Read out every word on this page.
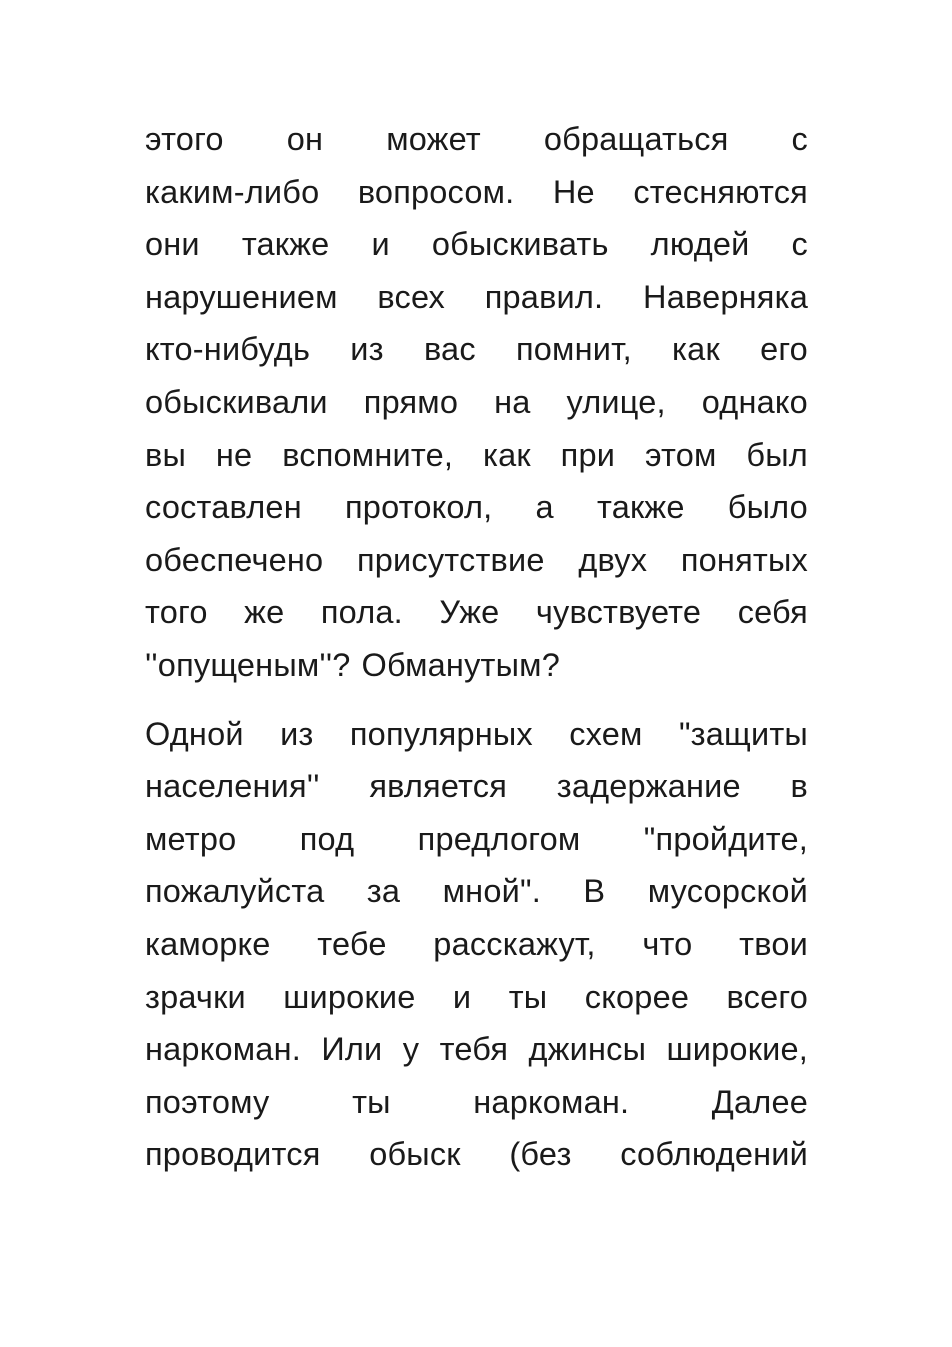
этого он может обращаться с
каким-либо вопросом. Не стесняются
они также и обыскивать людей с
нарушением всех правил. Наверняка
кто-нибудь из вас помнит, как его
обыскивали прямо на улице, однако
вы не вспомните, как при этом был
составлен протокол, а также было
обеспечено присутствие двух понятых
того же пола. Уже чувствуете себя
''опущеным''? Обманутым?
Одной из популярных схем "защиты
населения'' является задержание в
метро под предлогом "пройдите,
пожалуйста за мной". В мусорской
каморке тебе расскажут, что твои
зрачки широкие и ты скорее всего
наркоман. Или у тебя джинсы широкие,
поэтому	ты	наркоман.	Далее
проводится обыск (без соблюдений
